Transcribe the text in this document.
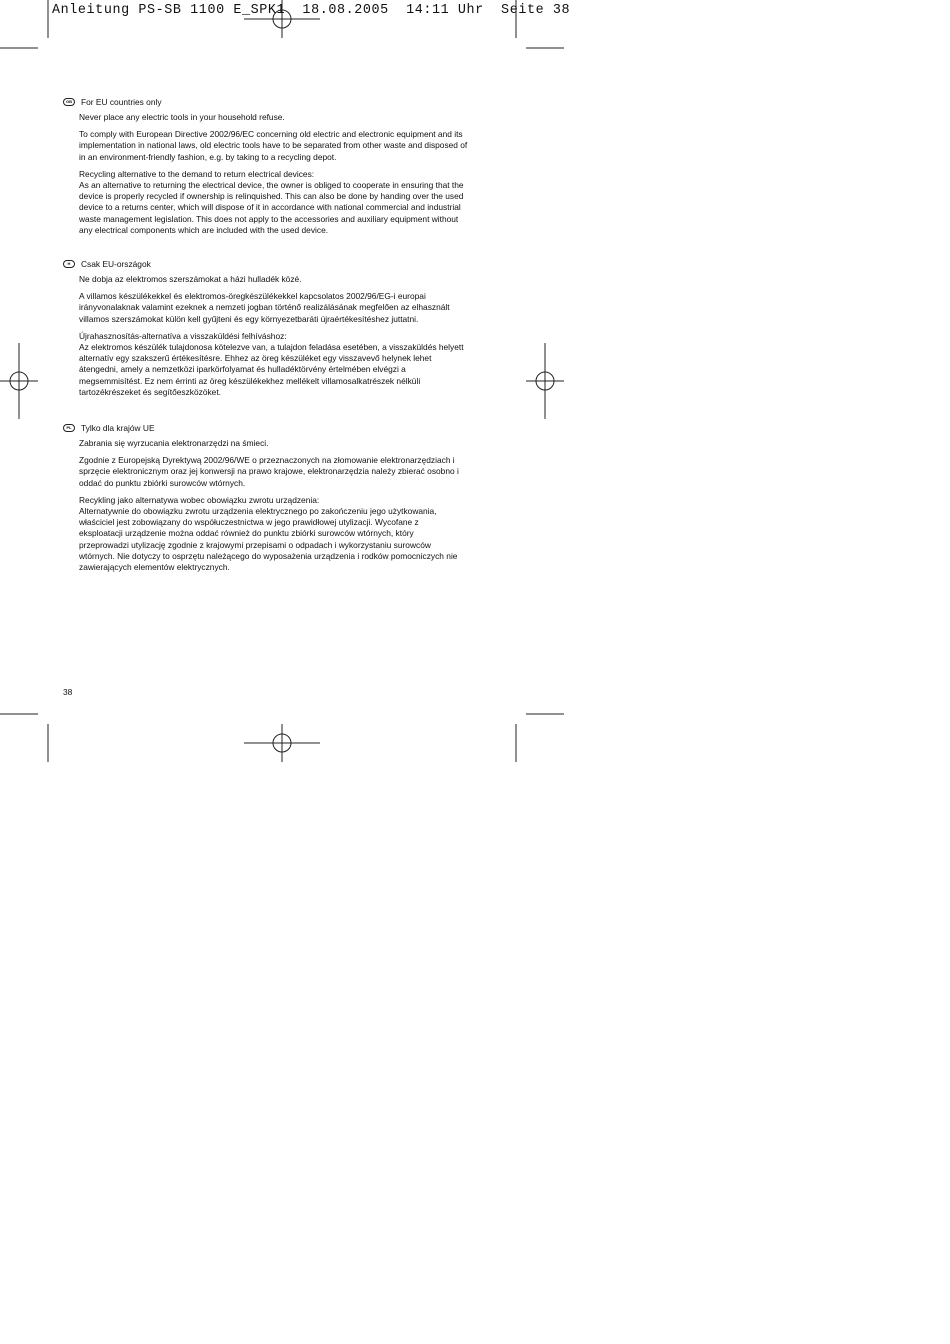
Anleitung PS-SB 1100 E_SPK1  18.08.2005  14:11 Uhr  Seite 38
GB	For EU countries only
Never place any electric tools in your household refuse.
To comply with European Directive 2002/96/EC concerning old electric and electronic equipment and its
implementation in national laws, old electric tools have to be separated from other waste and disposed of
in an environment-friendly fashion, e.g. by taking to a recycling depot.
Recycling alternative to the demand to return electrical devices:
As an alternative to returning the electrical device, the owner is obliged to cooperate in ensuring that the
device is properly recycled if ownership is relinquished. This can also be done by handing over the used
device to a returns center, which will dispose of it in accordance with national commercial and industrial
waste management legislation. This does not apply to the accessories and auxiliary equipment without
any electrical components which are included with the used device.
H	Csak EU-országok
Ne dobja az elektromos szerszámokat a házi hulladék közé.
A villamos készülékekkel és elektromos-öregkészülékekkel kapcsolatos 2002/96/EG-i europai
irányvonalaknak valamint ezeknek a nemzeti jogban történő realizálásának megfelően az elhasznált
villamos szerszámokat külön kell gyűjteni és egy környezetbaráti újraértékesítéshez juttatni.
Újrahasznosítás-alternatíva a visszaküldési felhíváshoz:
Az elektromos készülék tulajdonosa kötelezve van, a tulajdon feladása esetében, a visszaküldés helyett
alternatív egy szakszerű értékesítésre. Ehhez az öreg készüléket egy visszavevő helynek lehet
átengedni, amely a nemzetközi iparkörfolyamat és hulladéktörvény értelmében elvégzi a
megsemmisítést. Ez nem érrinti az öreg készülékekhez mellékelt villamosalkatrészek nélküli
tartozékrészeket és segítőeszközöket.
PL	Tylko dla krajów UE
Zabrania się wyrzucania elektronarzędzi na śmieci.
Zgodnie z Europejską Dyrektywą 2002/96/WE o przeznaczonych na złomowanie elektronarzędziach i
sprzęcie elektronicznym oraz jej konwersji na prawo krajowe, elektronarzędzia należy zbierać osobno i
oddać do punktu zbiórki surowców wtórnych.
Recykling jako alternatywa wobec obowiązku zwrotu urządzenia:
Alternatywnie do obowiązku zwrotu urządzenia elektrycznego po zakończeniu jego użytkowania,
właściciel jest zobowiązany do współuczestnictwa w jego prawidłowej utylizacji. Wycofane z
eksploatacji urządzenie można oddać również do punktu zbiórki surowców wtórnych, który
przeprowadzi utylizację zgodnie z krajowymi przepisami o odpadach i wykorzystaniu surowców
wtórnych. Nie dotyczy to osprzętu należącego do wyposażenia urządzenia i rodków pomocniczych nie
zawierających elementów elektrycznych.
38
